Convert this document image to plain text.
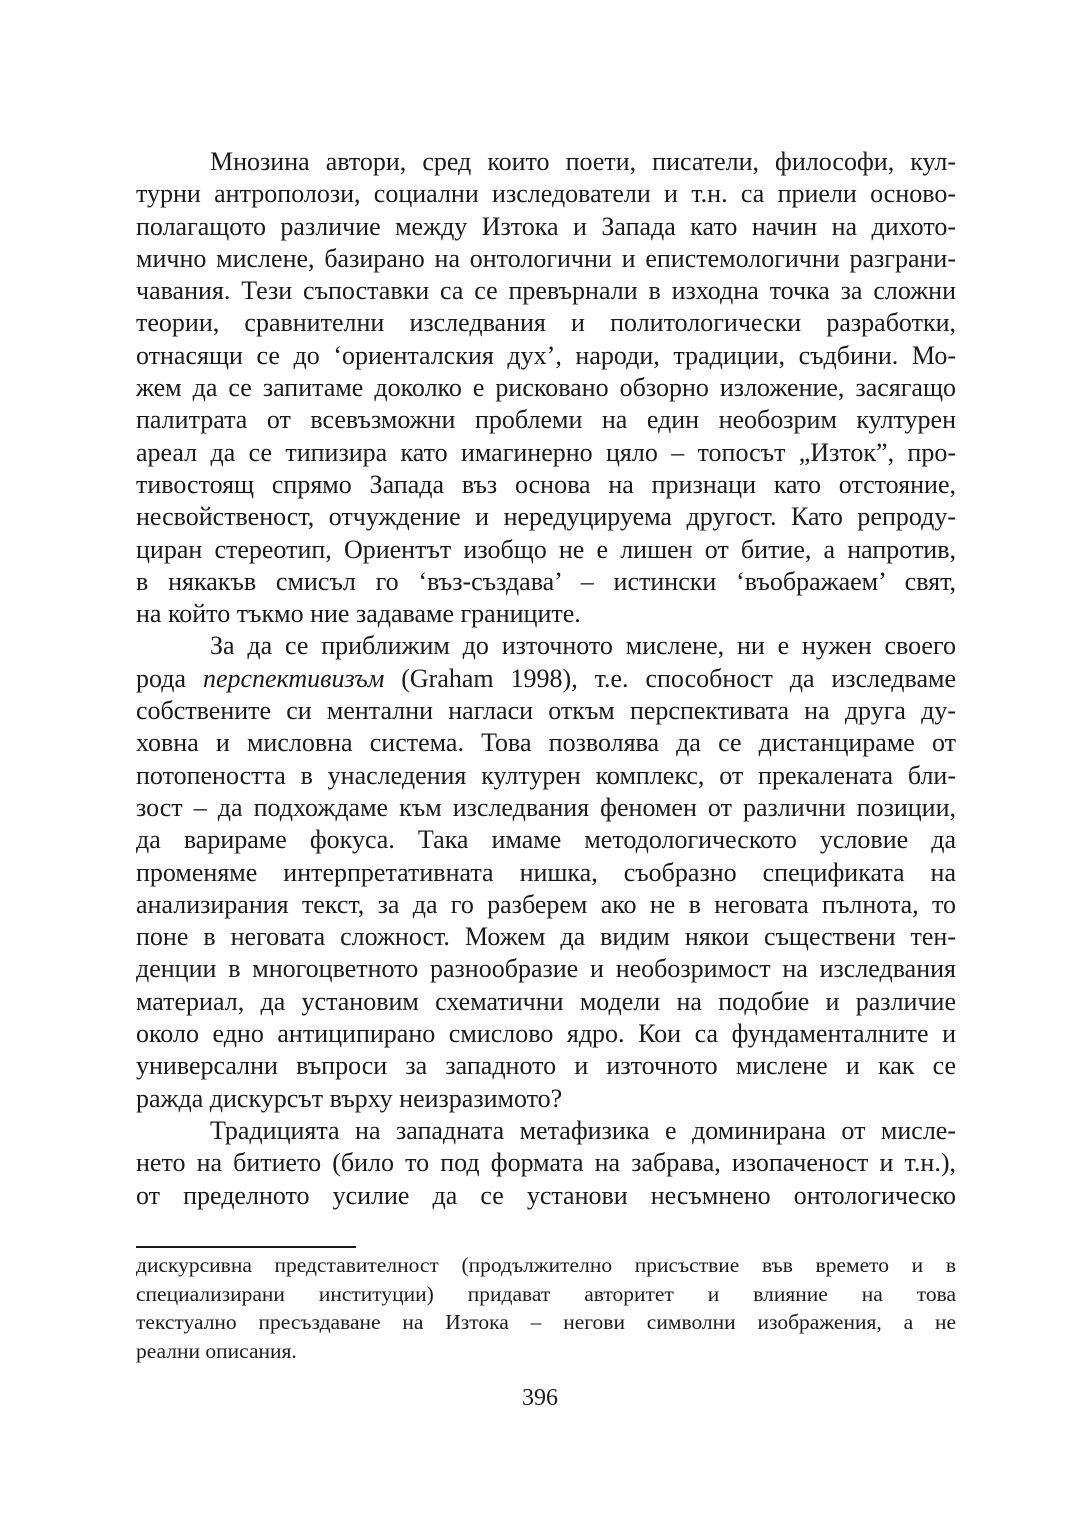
Мнозина автори, сред които поети, писатели, философи, кул-
турни антрополози, социални изследователи и т.н. са приели осново-
полагащото различие между Изтока и Запада като начин на дихото-
мично мислене, базирано на онтологични и епистемологични разграни-
чавания. Тези съпоставки са се превърнали в изходна точка за сложни
теории, сравнителни изследвания и политологически разработки,
отнасящи се до ‘ориенталския дух’, народи, традиции, съдбини. Мо-
жем да се запитаме доколко е рисковано обзорно изложение, засягащо
палитрата от всевъзможни проблеми на един необозрим културен
ареал да се типизира като имагинерно цяло – топосът „Изток”, про-
тивостоящ спрямо Запада въз основа на признаци като отстояние,
несвойственост, отчуждение и нередуцируема другост. Като репроду-
циран стереотип, Ориентът изобщо не е лишен от битие, а напротив,
в някакъв смисъл го ‘въз-създава’ – истински ‘въображаем’ свят,
на който тъкмо ние задаваме границите.
За да се приближим до източното мислене, ни е нужен своего
рода перспективизъм (Graham 1998), т.е. способност да изследваме
собствените си ментални нагласи откъм перспективата на друга ду-
ховна и мисловна система. Това позволява да се дистанцираме от
потопеността в унаследения културен комплекс, от прекалената бли-
зост – да подхождаме към изследвания феномен от различни позиции,
да варираме фокуса. Така имаме методологическото условие да
променяме интерпретативната нишка, съобразно спецификата на
анализирания текст, за да го разберем ако не в неговата пълнота, то
поне в неговата сложност. Можем да видим някои съществени тен-
денции в многоцветното разнообразие и необозримост на изследвания
материал, да установим схематични модели на подобие и различие
около едно антиципирано смислово ядро. Кои са фундаменталните и
универсални въпроси за западното и източното мислене и как се
ражда дискурсът върху неизразимото?
Традицията на западната метафизика е доминирана от мисле-
нето на битието (било то под формата на забрава, изопаченост и т.н.),
от пределното усилие да се установи несъмнено онтологическо
дискурсивна представителност (продължително присъствие във времето и в
специализирани институции) придават авторитет и влияние на това
текстуално пресъздаване на Изтока – негови символни изображения, а не
реални описания.
396
